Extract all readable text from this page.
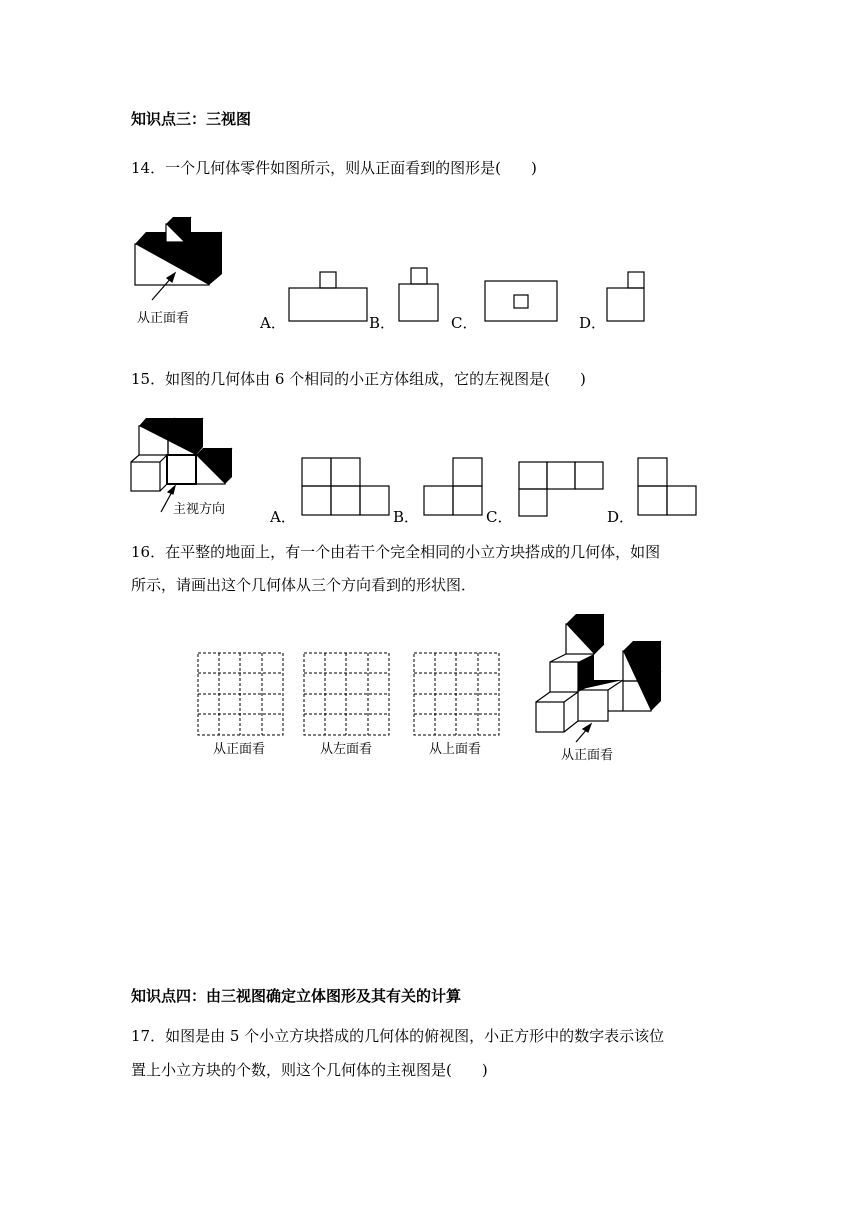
知识点三：三视图
14．一个几何体零件如图所示，则从正面看到的图形是(　　)
从正面看	A．	B．	C．	D．
15．如图的几何体由 6 个相同的小正方体组成，它的左视图是(　　)
主视方向	A．	B．	C．	D．
16．在平整的地面上，有一个由若干个完全相同的小立方块搭成的几何体，如图
所示，请画出这个几何体从三个方向看到的形状图．
从正面看	从左面看	从上面看	从正面看
知识点四：由三视图确定立体图形及其有关的计算
17．如图是由 5 个小立方块搭成的几何体的俯视图，小正方形中的数字表示该位
置上小立方块的个数，则这个几何体的主视图是(　　)
